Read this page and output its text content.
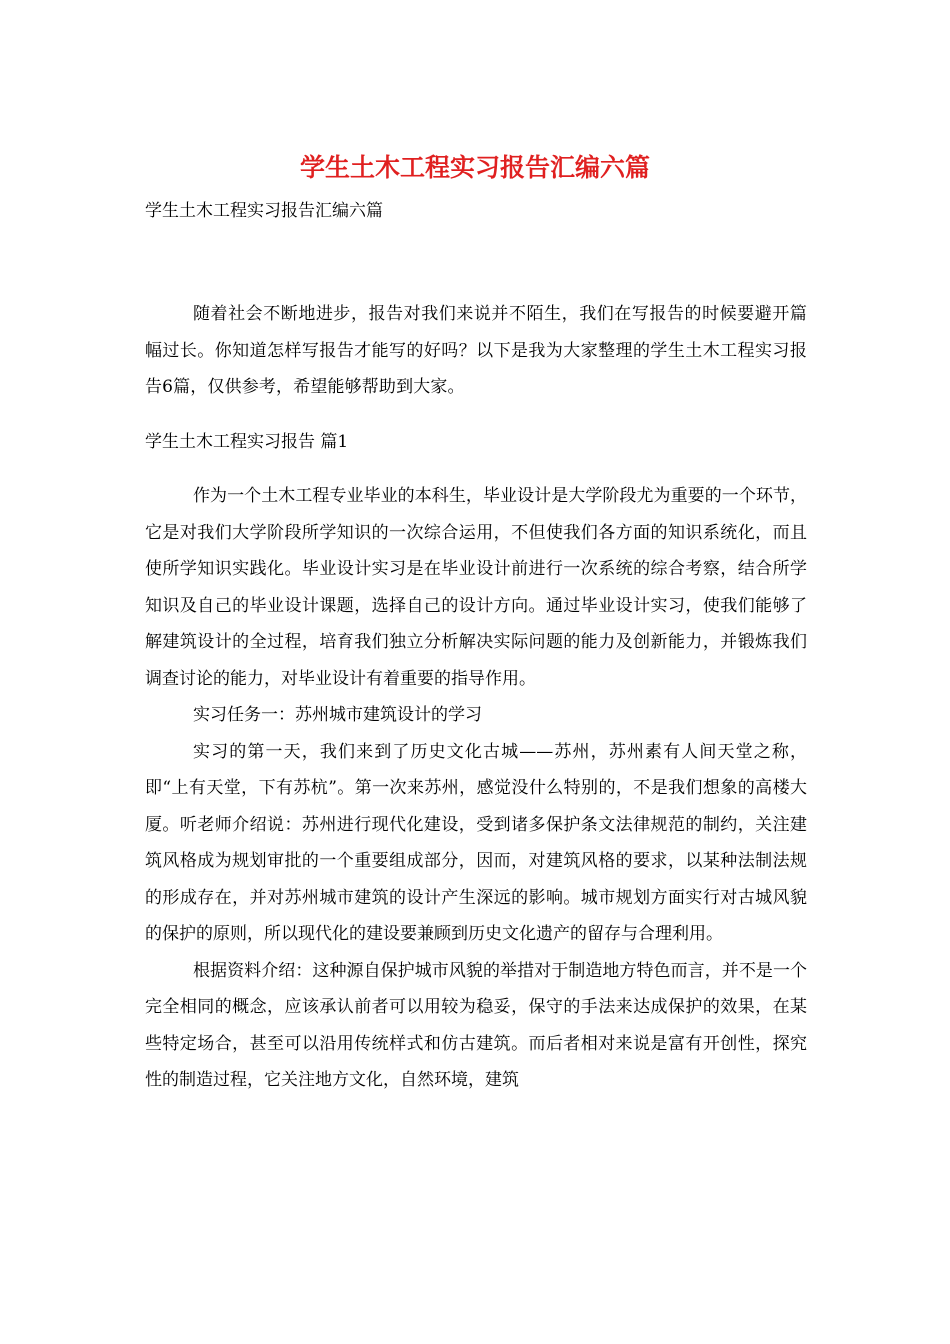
学生土木工程实习报告汇编六篇

学生土木工程实习报告汇编六篇

随着社会不断地进步，报告对我们来说并不陌生，我们在写报告的时候要避开篇幅过长。你知道怎样写报告才能写的好吗？以下是我为大家整理的学生土木工程实习报告6篇，仅供参考，希望能够帮助到大家。

学生土木工程实习报告 篇1

作为一个土木工程专业毕业的本科生，毕业设计是大学阶段尤为重要的一个环节，它是对我们大学阶段所学知识的一次综合运用，不但使我们各方面的知识系统化，而且使所学知识实践化。毕业设计实习是在毕业设计前进行一次系统的综合考察，结合所学知识及自己的毕业设计课题，选择自己的设计方向。通过毕业设计实习，使我们能够了解建筑设计的全过程，培育我们独立分析解决实际问题的能力及创新能力，并锻炼我们调查讨论的能力，对毕业设计有着重要的指导作用。

实习任务一：苏州城市建筑设计的学习

实习的第一天，我们来到了历史文化古城——苏州，苏州素有人间天堂之称，即“上有天堂，下有苏杭”。第一次来苏州，感觉没什么特别的，不是我们想象的高楼大厦。听老师介绍说：苏州进行现代化建设，受到诸多保护条文法律规范的制约，关注建筑风格成为规划审批的一个重要组成部分，因而，对建筑风格的要求，以某种法制法规的形成存在，并对苏州城市建筑的设计产生深远的影响。城市规划方面实行对古城风貌的保护的原则，所以现代化的建设要兼顾到历史文化遗产的留存与合理利用。

根据资料介绍：这种源自保护城市风貌的举措对于制造地方特色而言，并不是一个完全相同的概念，应该承认前者可以用较为稳妥，保守的手法来达成保护的效果，在某些特定场合，甚至可以沿用传统样式和仿古建筑。而后者相对来说是富有开创性，探究性的制造过程，它关注地方文化，自然环境，建筑
